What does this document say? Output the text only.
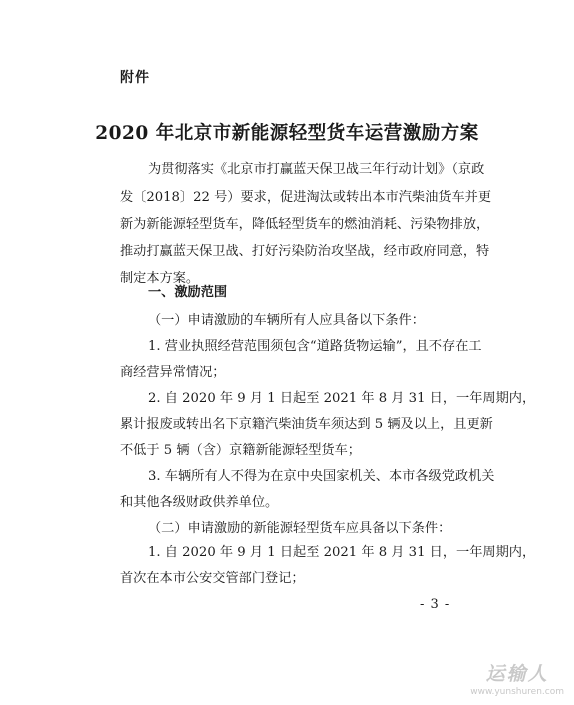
附件
2020 年北京市新能源轻型货车运营激励方案
为贯彻落实《北京市打赢蓝天保卫战三年行动计划》（京政
发〔2018〕22 号）要求，促进淘汰或转出本市汽柴油货车并更
新为新能源轻型货车，降低轻型货车的燃油消耗、污染物排放，
推动打赢蓝天保卫战、打好污染防治攻坚战，经市政府同意，特
制定本方案。
一、激励范围
（一）申请激励的车辆所有人应具备以下条件：
1. 营业执照经营范围须包含“道路货物运输”，且不存在工
商经营异常情况；
2. 自 2020 年 9 月 1 日起至 2021 年 8 月 31 日，一年周期内，
累计报废或转出名下京籍汽柴油货车须达到 5 辆及以上，且更新
不低于 5 辆（含）京籍新能源轻型货车；
3. 车辆所有人不得为在京中央国家机关、本市各级党政机关
和其他各级财政供养单位。
（二）申请激励的新能源轻型货车应具备以下条件：
1. 自 2020 年 9 月 1 日起至 2021 年 8 月 31 日，一年周期内，
首次在本市公安交管部门登记；
- 3 -
运输人
www.yunshuren.com
